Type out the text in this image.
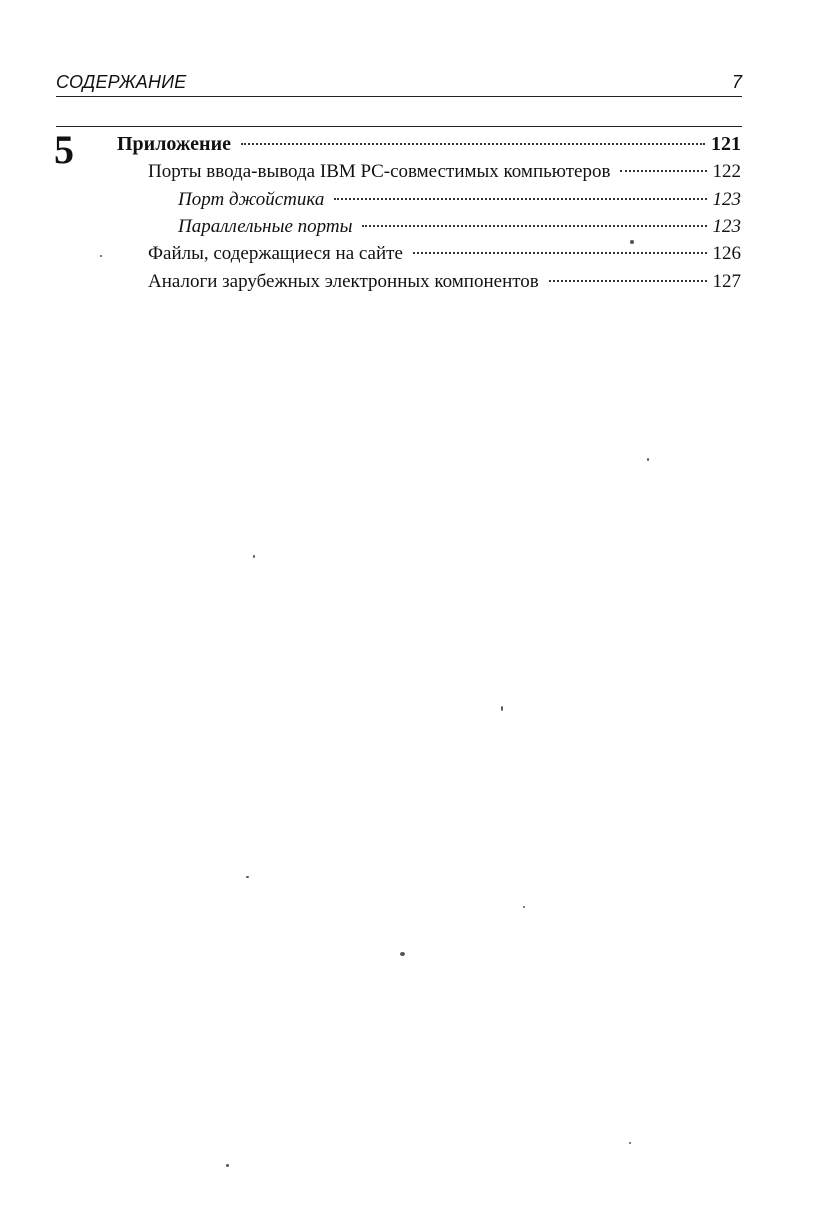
СОДЕРЖАНИЕ	7
5 Приложение	121
Порты ввода-вывода IBM PC-совместимых компьютеров	122
Порт джойстика	123
Параллельные порты	123
Файлы, содержащиеся на сайте	126
Аналоги зарубежных электронных компонентов	127
